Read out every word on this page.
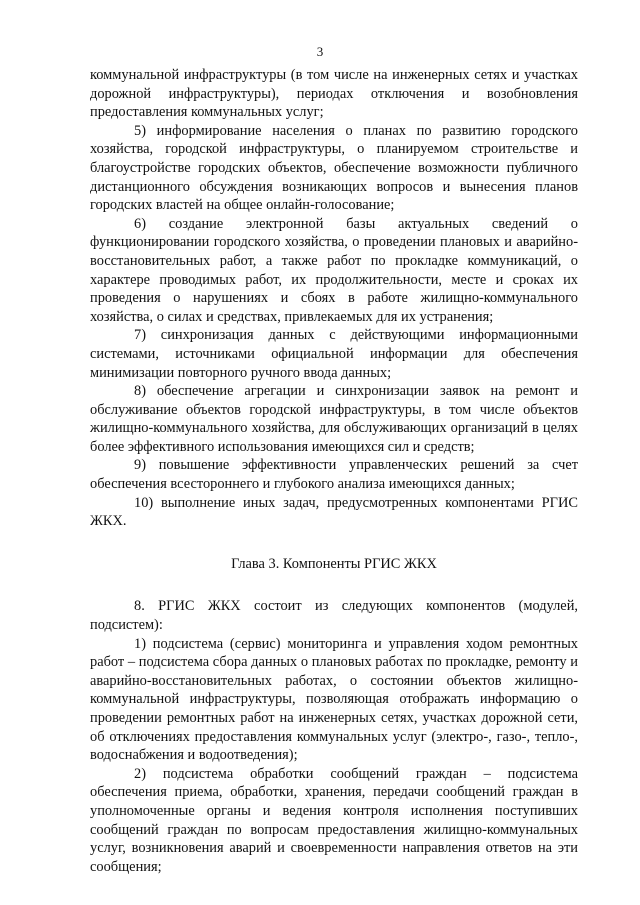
3

коммунальной инфраструктуры (в том числе на инженерных сетях и участках дорожной инфраструктуры), периодах отключения и возобновления предоставления коммунальных услуг;

5) информирование населения о планах по развитию городского хозяйства, городской инфраструктуры, о планируемом строительстве и благоустройстве городских объектов, обеспечение возможности публичного дистанционного обсуждения возникающих вопросов и вынесения планов городских властей на общее онлайн-голосование;

6) создание электронной базы актуальных сведений о функционировании городского хозяйства, о проведении плановых и аварийно-восстановительных работ, а также работ по прокладке коммуникаций, о характере проводимых работ, их продолжительности, месте и сроках их проведения о нарушениях и сбоях в работе жилищно-коммунального хозяйства, о силах и средствах, привлекаемых для их устранения;

7) синхронизация данных с действующими информационными системами, источниками официальной информации для обеспечения минимизации повторного ручного ввода данных;

8) обеспечение агрегации и синхронизации заявок на ремонт и обслуживание объектов городской инфраструктуры, в том числе объектов жилищно-коммунального хозяйства, для обслуживающих организаций в целях более эффективного использования имеющихся сил и средств;

9) повышение эффективности управленческих решений за счет обеспечения всестороннего и глубокого анализа имеющихся данных;

10) выполнение иных задач, предусмотренных компонентами РГИС ЖКХ.

Глава 3. Компоненты РГИС ЖКХ

8. РГИС ЖКХ состоит из следующих компонентов (модулей, подсистем):

1) подсистема (сервис) мониторинга и управления ходом ремонтных работ – подсистема сбора данных о плановых работах по прокладке, ремонту и аварийно-восстановительных работах, о состоянии объектов жилищно-коммунальной инфраструктуры, позволяющая отображать информацию о проведении ремонтных работ на инженерных сетях, участках дорожной сети, об отключениях предоставления коммунальных услуг (электро-, газо-, тепло-, водоснабжения и водоотведения);

2) подсистема обработки сообщений граждан – подсистема обеспечения приема, обработки, хранения, передачи сообщений граждан в уполномоченные органы и ведения контроля исполнения поступивших сообщений граждан по вопросам предоставления жилищно-коммунальных услуг, возникновения аварий и своевременности направления ответов на эти сообщения;
